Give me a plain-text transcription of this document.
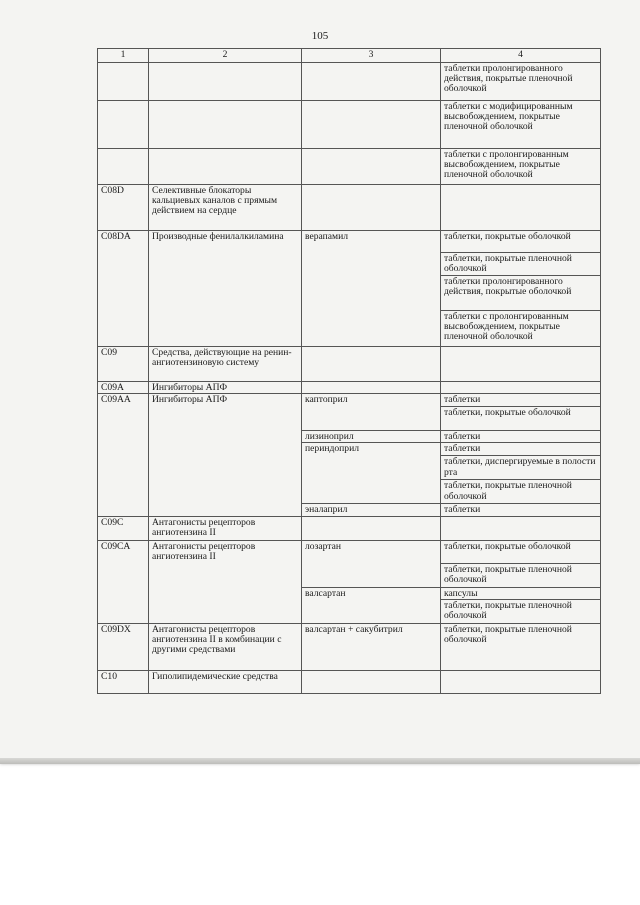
105
1	2	3	4
			таблетки пролонгированного действия, покрытые пленочной оболочкой
			таблетки с модифицированным высвобождением, покрытые пленочной оболочкой
			таблетки с пролонгированным высвобождением, покрытые пленочной оболочкой
C08D	Селективные блокаторы кальциевых каналов с прямым действием на сердце		
C08DA	Производные фенилалкиламина	верапамил	таблетки, покрытые оболочкой
			таблетки, покрытые пленочной оболочкой
			таблетки пролонгированного действия, покрытые оболочкой
			таблетки с пролонгированным высвобождением, покрытые пленочной оболочкой
C09	Средства, действующие на ренин-ангиотензиновую систему		
C09A	Ингибиторы АПФ		
C09AA	Ингибиторы АПФ	каптоприл	таблетки
			таблетки, покрытые оболочкой
		лизиноприл	таблетки
		периндоприл	таблетки
			таблетки, диспергируемые в полости рта
			таблетки, покрытые пленочной оболочкой
		эналаприл	таблетки
C09C	Антагонисты рецепторов ангиотензина II		
C09CA	Антагонисты рецепторов ангиотензина II	лозартан	таблетки, покрытые оболочкой
			таблетки, покрытые пленочной оболочкой
		валсартан	капсулы
			таблетки, покрытые пленочной оболочкой
C09DX	Антагонисты рецепторов ангиотензина II в комбинации с другими средствами	валсартан + сакубитрил	таблетки, покрытые пленочной оболочкой
C10	Гиполипидемические средства		
